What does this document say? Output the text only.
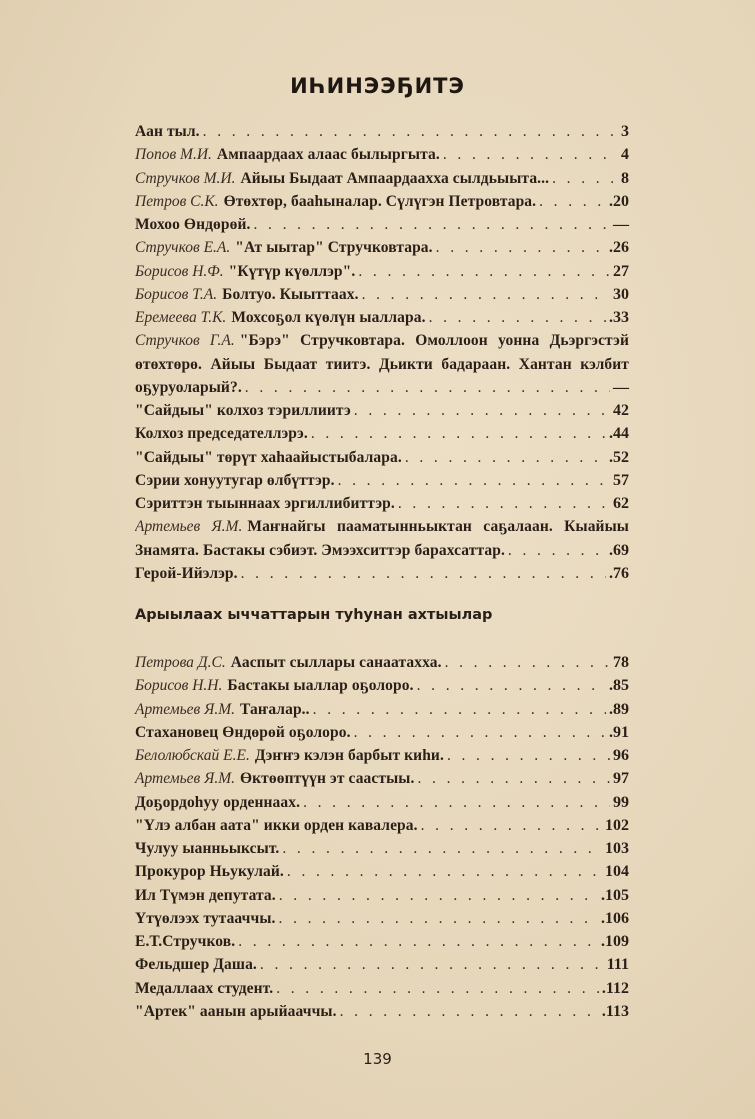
ИҺИНЭЭҔИТЭ
Аан тыл. . . .	3
Попов М.И. Ампаардаах алаас былыргыта. . . .	4
Стручков М.И. Айыы Быдаат Ампаардаахха сылдьыыта... . . .	8
Петров С.К. Өтөхтөр, бааһыналар. Сүлүгэн Петровтара. . . .	.20
Мохоо Өндөрөй. . . .	—
Стручков Е.А. "Ат ыытар" Стручковтара. . . .	.26
Борисов Н.Ф. "Күтүр күөллэр". . . .	27
Борисов Т.А. Болтуо. Кыыттаах. . . .	30
Еремеева Т.К. Мохсоҕол күөлүн ыаллара. . . .	.33
Стручков Г.А. "Бэрэ" Стручковтара. Омоллоон уонна Дьэргэстэй
өтөхтөрө. Айыы Быдаат тиитэ. Дьикти бадараан. Хантан кэлбит
оҕуруоларый?. . . .	—
"Сайдыы" колхоз тэриллиитэ . . .	42
Колхоз председателлэрэ. . . .	.44
"Сайдыы" төрүт хаһаайыстыбалара. . . .	.52
Сэрии хонуутугар өлбүттэр. . . .	57
Сэриттэн тыыннаах эргиллибиттэр. . . .	62
Артемьев Я.М. Маҥнайгы пааматынньыктан саҕалаан. Кыайыы
Знамята. Бастакы сэбиэт. Эмээхситтэр барахсаттар. . . .	.69
Герой-Ийэлэр. . . .	.76
Арыылаах ыччаттарын туһунан ахтыылар
Петрова Д.С. Ааспыт сыллары санаатахха. . . .	78
Борисов Н.Н. Бастакы ыаллар оҕолоро. . . .	.85
Артемьев Я.М. Таҥалар.. . . .	.89
Стахановец Өндөрөй оҕолоро. . . .	.91
Белолюбскай Е.Е. Дэҥҥэ кэлэн барбыт киһи. . . .	96
Артемьев Я.М. Өктөөптүүн эт саастыы. . . .	97
Доҕордоһуу орденнаах. . . .	99
"Үлэ албан аата" икки орден кавалера. . . .	102
Чулуу ыанньыксыт. . . .	103
Прокурор Ньукулай. . . .	104
Ил Түмэн депутата. . . .	.105
Үтүөлээх тутааччы. . . .	.106
Е.Т.Стручков. . . .	.109
Фельдшер Даша. . . .	111
Медаллаах студент. . . .	.112
"Артек" аанын арыйааччы. . . .	.113
139
